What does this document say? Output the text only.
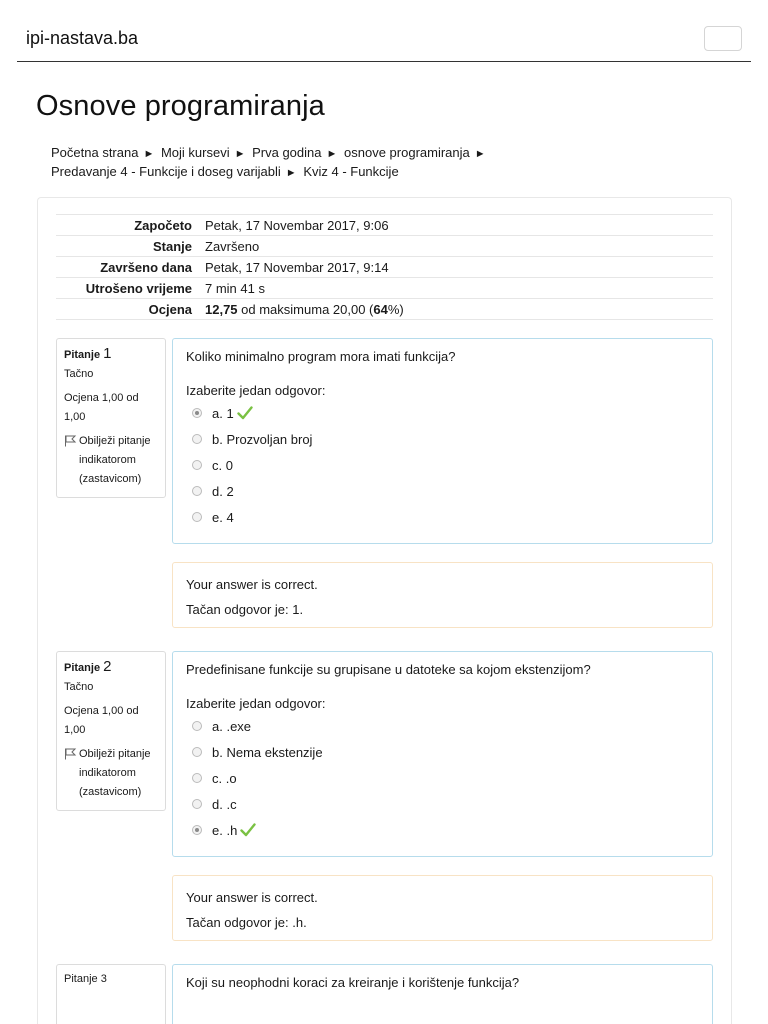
ipi-nastava.ba
Osnove programiranja
Početna strana ► Moji kursevi ► Prva godina ► osnove programiranja ►
Predavanje 4 - Funkcije i doseg varijabli ► Kviz 4 - Funkcije
Započeto	Petak, 17 Novembar 2017, 9:06
Stanje	Završeno
Završeno dana	Petak, 17 Novembar 2017, 9:14
Utrošeno vrijeme	7 min 41 s
Ocjena	12,75 od maksimuma 20,00 (64%)
Pitanje 1
Tačno
Ocjena 1,00 od 1,00
Obilježi pitanje indikatorom (zastavicom)
Koliko minimalno program mora imati funkcija?
Izaberite jedan odgovor:
a. 1
b. Prozvoljan broj
c. 0
d. 2
e. 4
Your answer is correct.
Tačan odgovor je: 1.
Pitanje 2
Tačno
Ocjena 1,00 od 1,00
Obilježi pitanje indikatorom (zastavicom)
Predefinisane funkcije su grupisane u datoteke sa kojom ekstenzijom?
Izaberite jedan odgovor:
a. .exe
b. Nema ekstenzije
c. .o
d. .c
e. .h
Your answer is correct.
Tačan odgovor je: .h.
Pitanje 3	Koji su neophodni koraci za kreiranje i korištenje funkcija?
